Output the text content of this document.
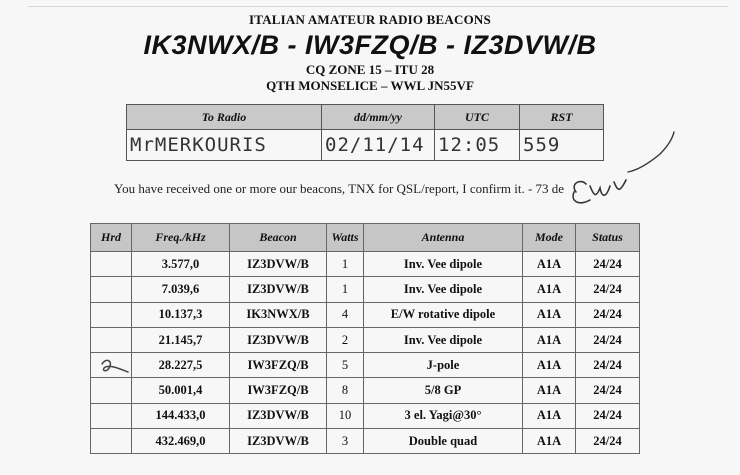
ITALIAN AMATEUR RADIO BEACONS
IK3NWX/B - IW3FZQ/B - IZ3DVW/B
CQ ZONE 15 – ITU 28
QTH MONSELICE – WWL JN55VF
To Radio	dd/mm/yy	UTC	RST
MrMERKOURIS	02/11/14	12:05	559
You have received one or more our beacons, TNX for QSL/report, I confirm it. - 73 de
Hrd	Freq./kHz	Beacon	Watts	Antenna	Mode	Status
	3.577,0	IZ3DVW/B	1	Inv. Vee dipole	A1A	24/24
	7.039,6	IZ3DVW/B	1	Inv. Vee dipole	A1A	24/24
	10.137,3	IK3NWX/B	4	E/W rotative dipole	A1A	24/24
	21.145,7	IZ3DVW/B	2	Inv. Vee dipole	A1A	24/24
	28.227,5	IW3FZQ/B	5	J-pole	A1A	24/24
	50.001,4	IW3FZQ/B	8	5/8 GP	A1A	24/24
	144.433,0	IZ3DVW/B	10	3 el. Yagi@30°	A1A	24/24
	432.469,0	IZ3DVW/B	3	Double quad	A1A	24/24
